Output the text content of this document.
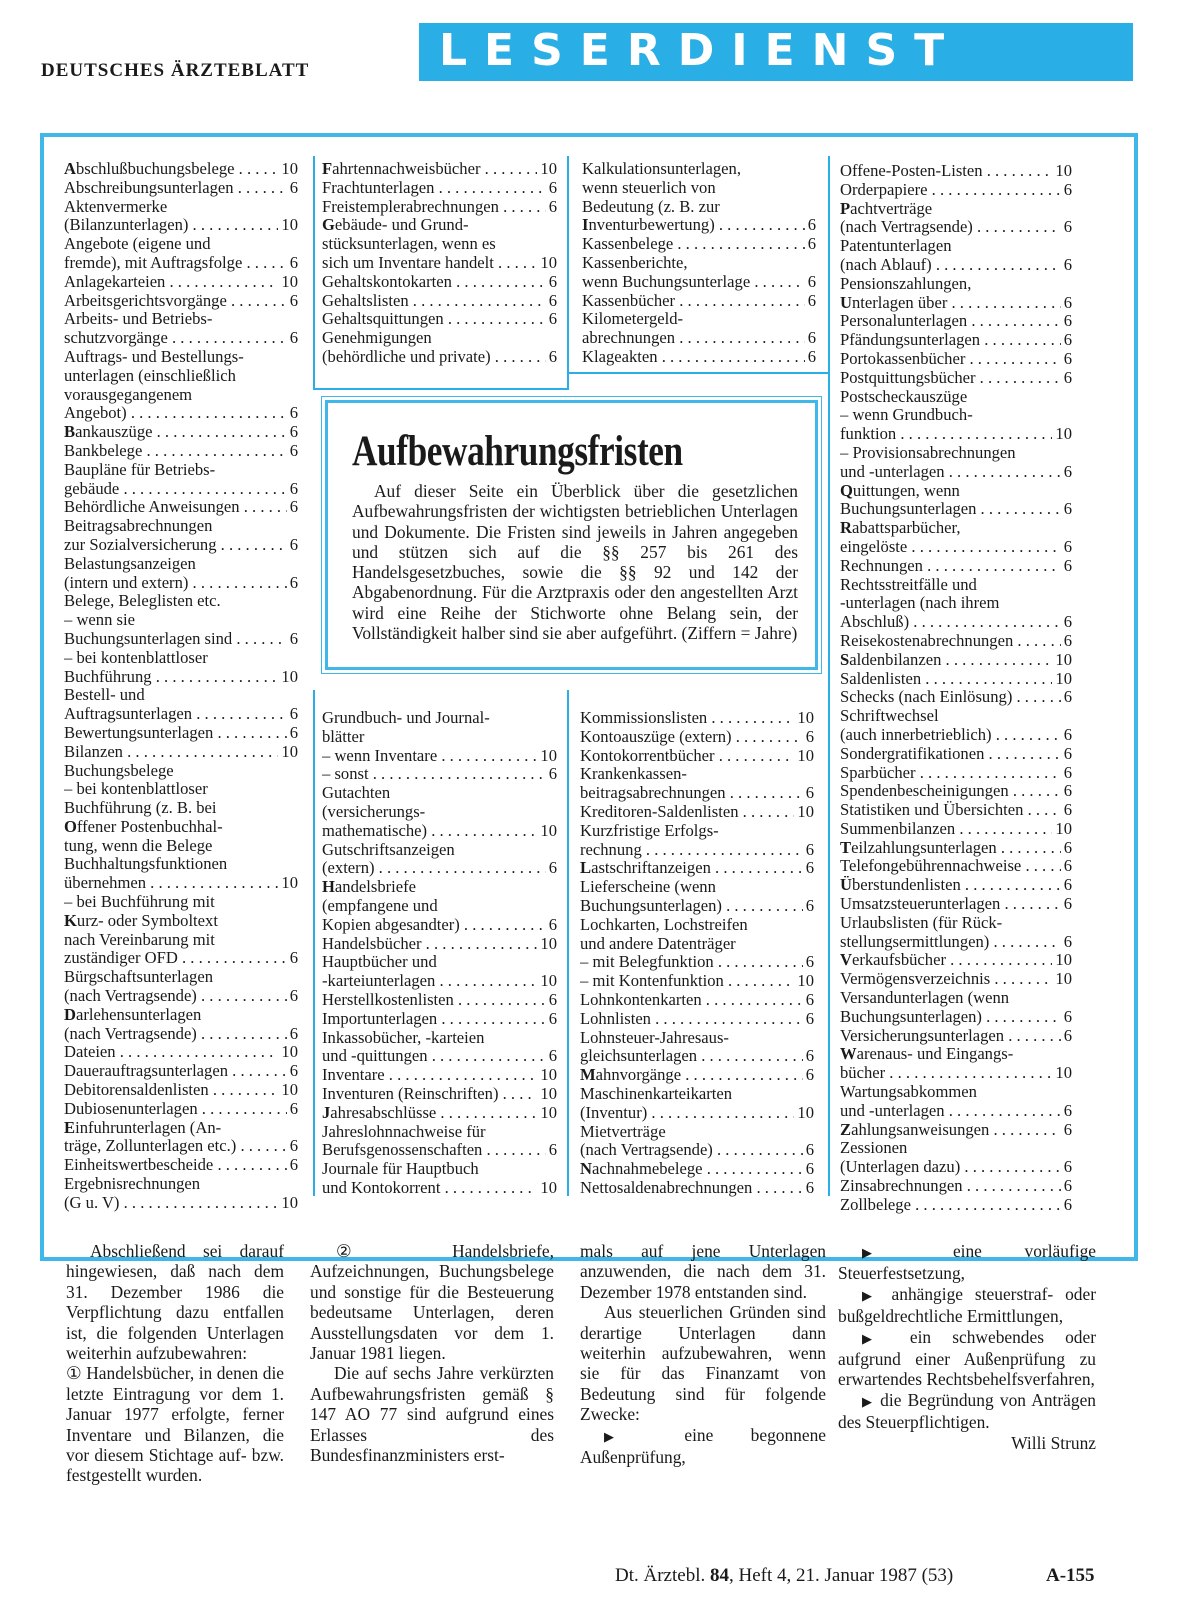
DEUTSCHES ÄRZTEBLATT	LESERDIENST
Abschlußbuchungsbelege . . .	10
Abschreibungsunterlagen . . .	6
Aktenvermerke
(Bilanzunterlagen) . . .	10
Angebote (eigene und
fremde), mit Auftragsfolge . . .	6
Anlagekarteien . . .	10
Arbeitsgerichtsvorgänge . . .	6
Arbeits- und Betriebs-
schutzvorgänge . . .	6
Auftrags- und Bestellungs-
unterlagen (einschließlich
vorausgegangenem
Angebot) . . .	6
Bankauszüge . . .	6
Bankbelege . . .	6
Baupläne für Betriebs-
gebäude . . .	6
Behördliche Anweisungen . . .	6
Beitragsabrechnungen
zur Sozialversicherung . . .	6
Belastungsanzeigen
(intern und extern) . . .	6
Belege, Beleglisten etc.
– wenn sie
Buchungsunterlagen sind . . .	6
– bei kontenblattloser
Buchführung . . .	10
Bestell- und
Auftragsunterlagen . . .	6
Bewertungsunterlagen . . .	6
Bilanzen . . .	10
Buchungsbelege
– bei kontenblattloser
Buchführung (z. B. bei
Offener Postenbuchhal-
tung, wenn die Belege
Buchhaltungsfunktionen
übernehmen . . .	10
– bei Buchführung mit
Kurz- oder Symboltext
nach Vereinbarung mit
zuständiger OFD . . .	6
Bürgschaftsunterlagen
(nach Vertragsende) . . .	6
Darlehensunterlagen
(nach Vertragsende) . . .	6
Dateien . . .	10
Dauerauftragsunterlagen . . .	6
Debitorensaldenlisten . . .	10
Dubiosenunterlagen . . .	6
Einfuhrunterlagen (An-
träge, Zollunterlagen etc.) . . .	6
Einheitswertbescheide . . .	6
Ergebnisrechnungen
(G u. V) . . .	10
Fahrtennachweisbücher . . .	10
Frachtunterlagen . . .	6
Freistemplerabrechnungen . . .	6
Gebäude- und Grund-
stücksunterlagen, wenn es
sich um Inventare handelt . . .	10
Gehaltskontokarten . . .	6
Gehaltslisten . . .	6
Gehaltsquittungen . . .	6
Genehmigungen
(behördliche und private) . . .	6
Kalkulationsunterlagen,
wenn steuerlich von
Bedeutung (z. B. zur
Inventurbewertung) . . .	6
Kassenbelege . . .	6
Kassenberichte,
wenn Buchungsunterlage . . .	6
Kassenbücher . . .	6
Kilometergeld-
abrechnungen . . .	6
Klageakten . . .	6
Grundbuch- und Journal-
blätter
– wenn Inventare . . .	10
– sonst . . .	6
Gutachten
(versicherungs-
mathematische) . . .	10
Gutschriftsanzeigen
(extern) . . .	6
Handelsbriefe
(empfangene und
Kopien abgesandter) . . .	6
Handelsbücher . . .	10
Hauptbücher und
-karteiunterlagen . . .	10
Herstellkostenlisten . . .	6
Importunterlagen . . .	6
Inkassobücher, -karteien
und -quittungen . . .	6
Inventare . . .	10
Inventuren (Reinschriften) . . .	10
Jahresabschlüsse . . .	10
Jahreslohnnachweise für
Berufsgenossenschaften . . .	6
Journale für Hauptbuch
und Kontokorrent . . .	10
Kommissionslisten . . .	10
Kontoauszüge (extern) . . .	6
Kontokorrentbücher . . .	10
Krankenkassen-
beitragsabrechnungen . . .	6
Kreditoren-Saldenlisten . . .	10
Kurzfristige Erfolgs-
rechnung . . .	6
Lastschriftanzeigen . . .	6
Lieferscheine (wenn
Buchungsunterlagen) . . .	6
Lochkarten, Lochstreifen
und andere Datenträger
– mit Belegfunktion . . .	6
– mit Kontenfunktion . . .	10
Lohnkontenkarten . . .	6
Lohnlisten . . .	6
Lohnsteuer-Jahresaus-
gleichsunterlagen . . .	6
Mahnvorgänge . . .	6
Maschinenkarteikarten
(Inventur) . . .	10
Mietverträge
(nach Vertragsende) . . .	6
Nachnahmebelege . . .	6
Nettosaldenabrechnungen . . .	6
Offene-Posten-Listen . . .	10
Orderpapiere . . .	6
Pachtverträge
(nach Vertragsende) . . .	6
Patentunterlagen
(nach Ablauf) . . .	6
Pensionszahlungen,
Unterlagen über . . .	6
Personalunterlagen . . .	6
Pfändungsunterlagen . . .	6
Portokassenbücher . . .	6
Postquittungsbücher . . .	6
Postscheckauszüge
– wenn Grundbuch-
funktion . . .	10
– Provisionsabrechnungen
und -unterlagen . . .	6
Quittungen, wenn
Buchungsunterlagen . . .	6
Rabattsparbücher,
eingelöste . . .	6
Rechnungen . . .	6
Rechtsstreitfälle und
-unterlagen (nach ihrem
Abschluß) . . .	6
Reisekostenabrechnungen . . .	6
Saldenbilanzen . . .	10
Saldenlisten . . .	10
Schecks (nach Einlösung) . . .	6
Schriftwechsel
(auch innerbetrieblich) . . .	6
Sondergratifikationen . . .	6
Sparbücher . . .	6
Spendenbescheinigungen . . .	6
Statistiken und Übersichten . . .	6
Summenbilanzen . . .	10
Teilzahlungsunterlagen . . .	6
Telefongebührennachweise . . .	6
Überstundenlisten . . .	6
Umsatzsteuerunterlagen . . .	6
Urlaubslisten (für Rück-
stellungsermittlungen) . . .	6
Verkaufsbücher . . .	10
Vermögensverzeichnis . . .	10
Versandunterlagen (wenn
Buchungsunterlagen) . . .	6
Versicherungsunterlagen . . .	6
Warenaus- und Eingangs-
bücher . . .	10
Wartungsabkommen
und -unterlagen . . .	6
Zahlungsanweisungen . . .	6
Zessionen
(Unterlagen dazu) . . .	6
Zinsabrechnungen . . .	6
Zollbelege . . .	6
Aufbewahrungsfristen
Auf dieser Seite ein Überblick über die gesetzlichen Aufbewahrungsfristen der wichtigsten betrieblichen Unterlagen und Dokumente. Die Fristen sind jeweils in Jahren angegeben und stützen sich auf die §§ 257 bis 261 des Handelsgesetzbuches, sowie die §§ 92 und 142 der Abgabenordnung. Für die Arztpraxis oder den angestellten Arzt wird eine Reihe der Stichworte ohne Belang sein, der Vollständigkeit halber sind sie aber aufgeführt. (Ziffern = Jahre)

Abschließend sei darauf hingewiesen, daß nach dem 31. Dezember 1986 die Verpflichtung dazu entfallen ist, die folgenden Unterlagen weiterhin aufzubewahren:

① Handelsbücher, in denen die letzte Eintragung vor dem 1. Januar 1977 erfolgte, ferner Inventare und Bilanzen, die vor diesem Stichtage auf- bzw. festgestellt wurden.

② Handelsbriefe, Aufzeichnungen, Buchungsbelege und sonstige für die Besteuerung bedeutsame Unterlagen, deren Ausstellungsdaten vor dem 1. Januar 1981 liegen.

Die auf sechs Jahre verkürzten Aufbewahrungsfristen gemäß § 147 AO 77 sind aufgrund eines Erlasses des Bundesfinanzministers erst-

mals auf jene Unterlagen anzuwenden, die nach dem 31. Dezember 1978 entstanden sind.

Aus steuerlichen Gründen sind derartige Unterlagen dann weiterhin aufzubewahren, wenn sie für das Finanzamt von Bedeutung sind für folgende Zwecke:

▶ eine begonnene Außenprüfung,

▶ eine vorläufige Steuerfestsetzung,

▶ anhängige steuerstraf- oder bußgeldrechtliche Ermittlungen,

▶ ein schwebendes oder aufgrund einer Außenprüfung zu erwartendes Rechtsbehelfsverfahren,

▶ die Begründung von Anträgen des Steuerpflichtigen.

Willi Strunz

Dt. Ärztebl. 84, Heft 4, 21. Januar 1987 (53)	A-155
